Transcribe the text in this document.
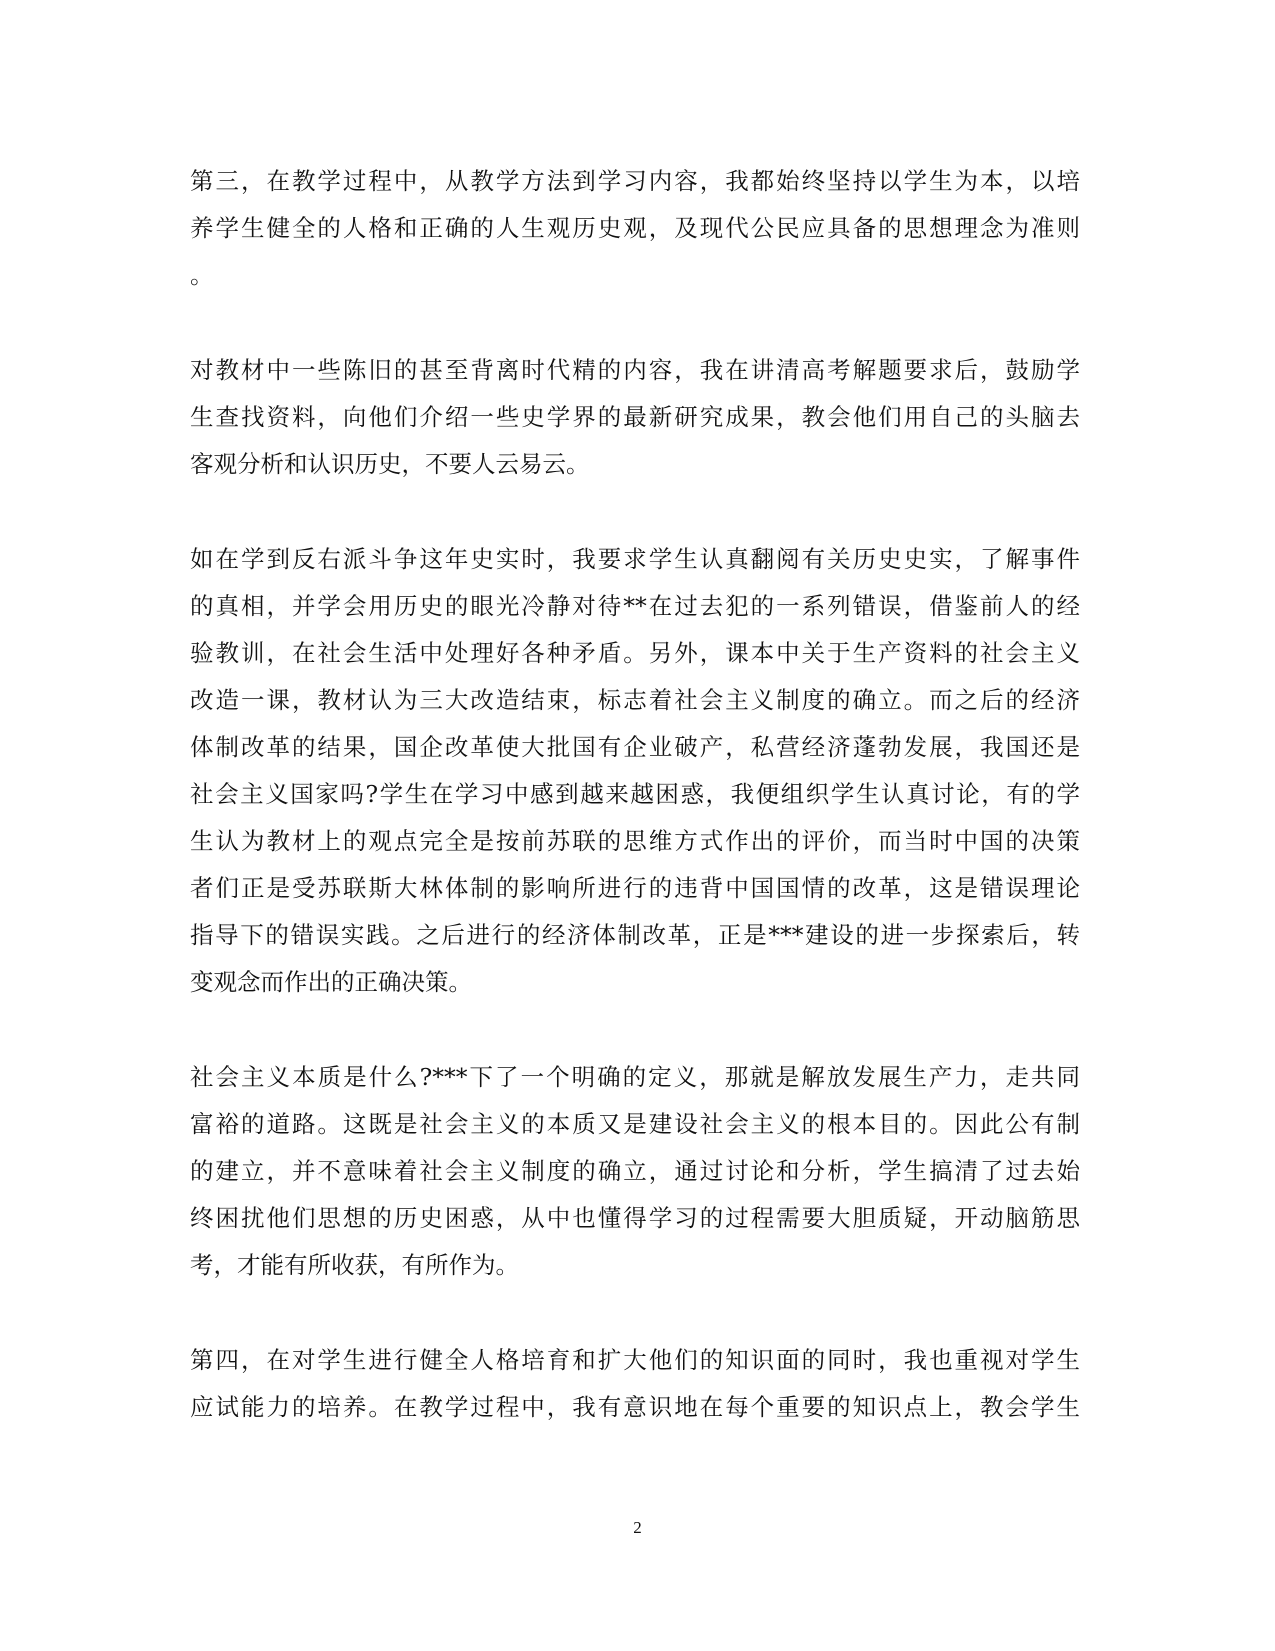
第三，在教学过程中，从教学方法到学习内容，我都始终坚持以学生为本，以培
养学生健全的人格和正确的人生观历史观，及现代公民应具备的思想理念为准则
。

对教材中一些陈旧的甚至背离时代精的内容，我在讲清高考解题要求后，鼓励学
生查找资料，向他们介绍一些史学界的最新研究成果，教会他们用自己的头脑去
客观分析和认识历史，不要人云易云。

如在学到反右派斗争这年史实时，我要求学生认真翻阅有关历史史实，了解事件
的真相，并学会用历史的眼光冷静对待**在过去犯的一系列错误，借鉴前人的经
验教训，在社会生活中处理好各种矛盾。另外，课本中关于生产资料的社会主义
改造一课，教材认为三大改造结束，标志着社会主义制度的确立。而之后的经济
体制改革的结果，国企改革使大批国有企业破产，私营经济蓬勃发展，我国还是
社会主义国家吗?学生在学习中感到越来越困惑，我便组织学生认真讨论，有的学
生认为教材上的观点完全是按前苏联的思维方式作出的评价，而当时中国的决策
者们正是受苏联斯大林体制的影响所进行的违背中国国情的改革，这是错误理论
指导下的错误实践。之后进行的经济体制改革，正是***建设的进一步探索后，转
变观念而作出的正确决策。

社会主义本质是什么?***下了一个明确的定义，那就是解放发展生产力，走共同
富裕的道路。这既是社会主义的本质又是建设社会主义的根本目的。因此公有制
的建立，并不意味着社会主义制度的确立，通过讨论和分析，学生搞清了过去始
终困扰他们思想的历史困惑，从中也懂得学习的过程需要大胆质疑，开动脑筋思
考，才能有所收获，有所作为。

第四，在对学生进行健全人格培育和扩大他们的知识面的同时，我也重视对学生
应试能力的培养。在教学过程中，我有意识地在每个重要的知识点上，教会学生

2
